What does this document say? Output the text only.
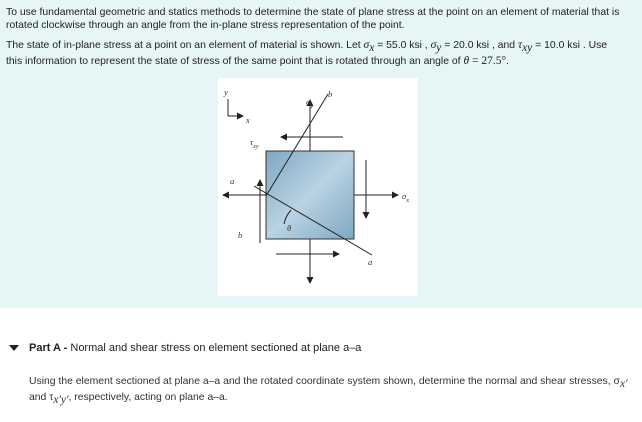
To use fundamental geometric and statics methods to determine the state of plane stress at the point on an element of material that is rotated clockwise through an angle from the in-plane stress representation of the point.

The state of in-plane stress at a point on an element of material is shown. Let $\sigma_x = 55.0$ ksi , $\sigma_y = 20.0$ ksi , and $\tau_{xy} = 10.0$ ksi . Use
this information to represent the state of stress of the same point that is rotated through an angle of θ = 27.5°.

y
x
$\sigma_y$
b
$\tau_{xy}$
a
$\sigma_x$
b
θ
a
Part A - Normal and shear stress on element sectioned at plane a–a
Using the element sectioned at plane a–a and the rotated coordinate system shown, determine the normal and shear stresses, $\sigma_{x'}$
and $\tau_{x'y'}$, respectively, acting on plane a–a.
